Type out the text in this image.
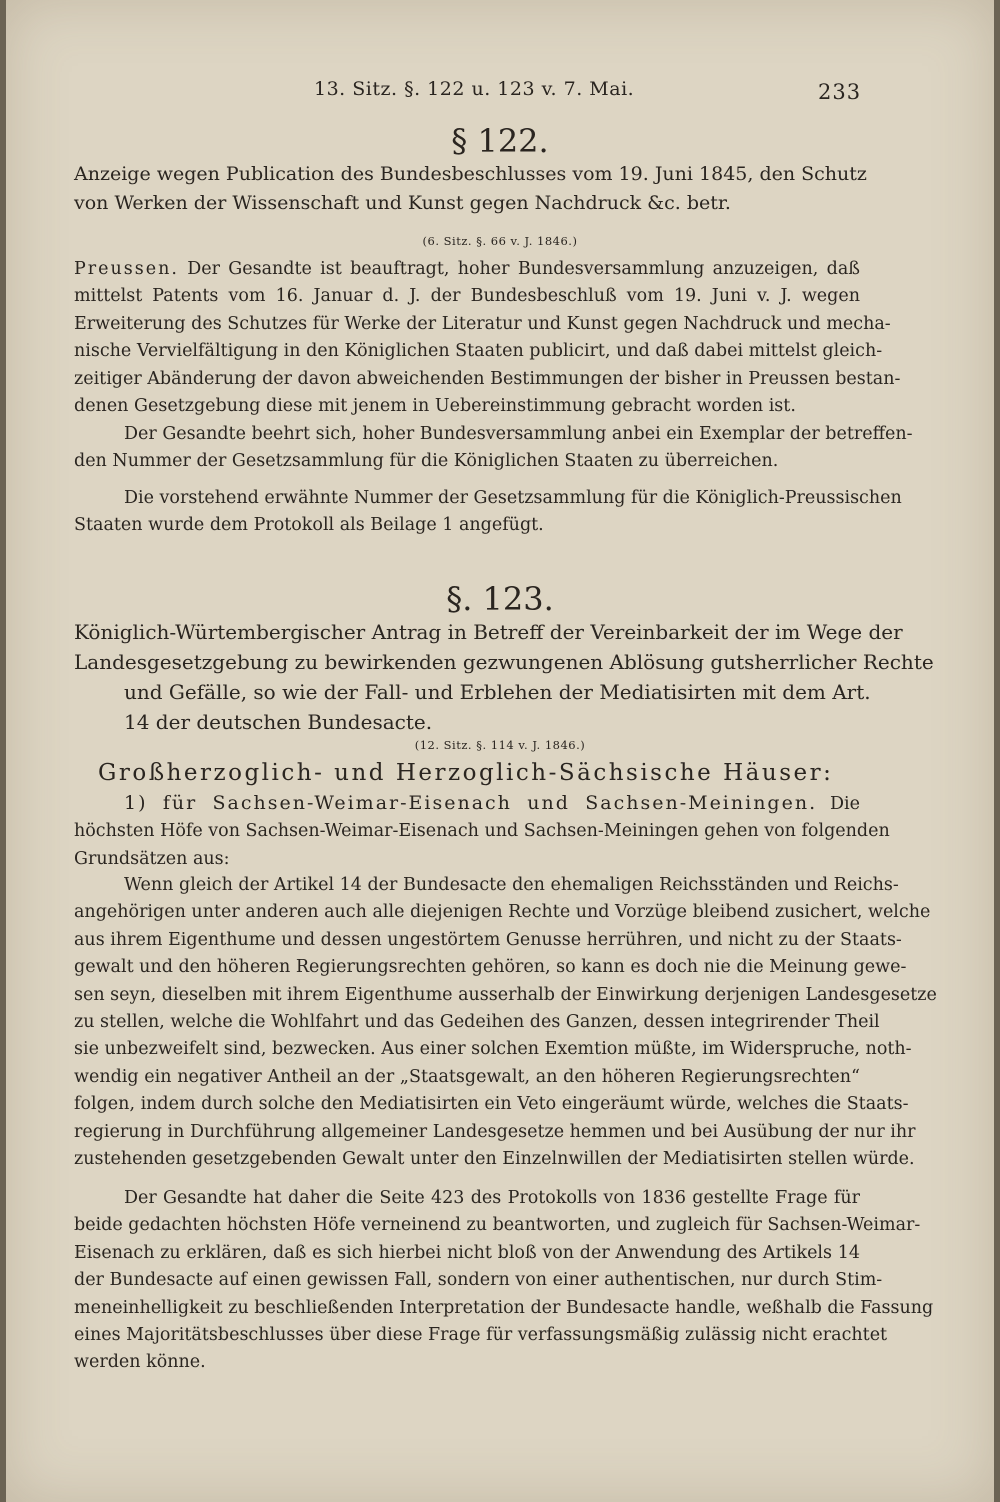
13. Sitz. §. 122 u. 123 v. 7. Mai.	233
§ 122.
Anzeige wegen Publication des Bundesbeschlusses vom 19. Juni 1845, den Schutz
von Werken der Wissenschaft und Kunst gegen Nachdruck &c. betr.
(6. Sitz. §. 66 v. J. 1846.)
Preussen. Der Gesandte ist beauftragt, hoher Bundesversammlung anzuzeigen, daß
mittelst Patents vom 16. Januar d. J. der Bundesbeschluß vom 19. Juni v. J. wegen
Erweiterung des Schutzes für Werke der Literatur und Kunst gegen Nachdruck und mecha-
nische Vervielfältigung in den Königlichen Staaten publicirt, und daß dabei mittelst gleich-
zeitiger Abänderung der davon abweichenden Bestimmungen der bisher in Preussen bestan-
denen Gesetzgebung diese mit jenem in Uebereinstimmung gebracht worden ist.
Der Gesandte beehrt sich, hoher Bundesversammlung anbei ein Exemplar der betreffen-
den Nummer der Gesetzsammlung für die Königlichen Staaten zu überreichen.
Die vorstehend erwähnte Nummer der Gesetzsammlung für die Königlich-Preussischen
Staaten wurde dem Protokoll als Beilage 1 angefügt.
§. 123.
Königlich-Würtembergischer Antrag in Betreff der Vereinbarkeit der im Wege der
Landesgesetzgebung zu bewirkenden gezwungenen Ablösung gutsherrlicher Rechte
und Gefälle, so wie der Fall- und Erblehen der Mediatisirten mit dem Art.
14 der deutschen Bundesacte.
(12. Sitz. §. 114 v. J. 1846.)
Großherzoglich- und Herzoglich-Sächsische Häuser:
1) für Sachsen-Weimar-Eisenach und Sachsen-Meiningen. Die
höchsten Höfe von Sachsen-Weimar-Eisenach und Sachsen-Meiningen gehen von folgenden
Grundsätzen aus:
Wenn gleich der Artikel 14 der Bundesacte den ehemaligen Reichsständen und Reichs-
angehörigen unter anderen auch alle diejenigen Rechte und Vorzüge bleibend zusichert, welche
aus ihrem Eigenthume und dessen ungestörtem Genusse herrühren, und nicht zu der Staats-
gewalt und den höheren Regierungsrechten gehören, so kann es doch nie die Meinung gewe-
sen seyn, dieselben mit ihrem Eigenthume ausserhalb der Einwirkung derjenigen Landesgesetze
zu stellen, welche die Wohlfahrt und das Gedeihen des Ganzen, dessen integrirender Theil
sie unbezweifelt sind, bezwecken. Aus einer solchen Exemtion müßte, im Widerspruche, noth-
wendig ein negativer Antheil an der „Staatsgewalt, an den höheren Regierungsrechten“
folgen, indem durch solche den Mediatisirten ein Veto eingeräumt würde, welches die Staats-
regierung in Durchführung allgemeiner Landesgesetze hemmen und bei Ausübung der nur ihr
zustehenden gesetzgebenden Gewalt unter den Einzelnwillen der Mediatisirten stellen würde.
Der Gesandte hat daher die Seite 423 des Protokolls von 1836 gestellte Frage für
beide gedachten höchsten Höfe verneinend zu beantworten, und zugleich für Sachsen-Weimar-
Eisenach zu erklären, daß es sich hierbei nicht bloß von der Anwendung des Artikels 14
der Bundesacte auf einen gewissen Fall, sondern von einer authentischen, nur durch Stim-
meneinhelligkeit zu beschließenden Interpretation der Bundesacte handle, weßhalb die Fassung
eines Majoritätsbeschlusses über diese Frage für verfassungsmäßig zulässig nicht erachtet
werden könne.
